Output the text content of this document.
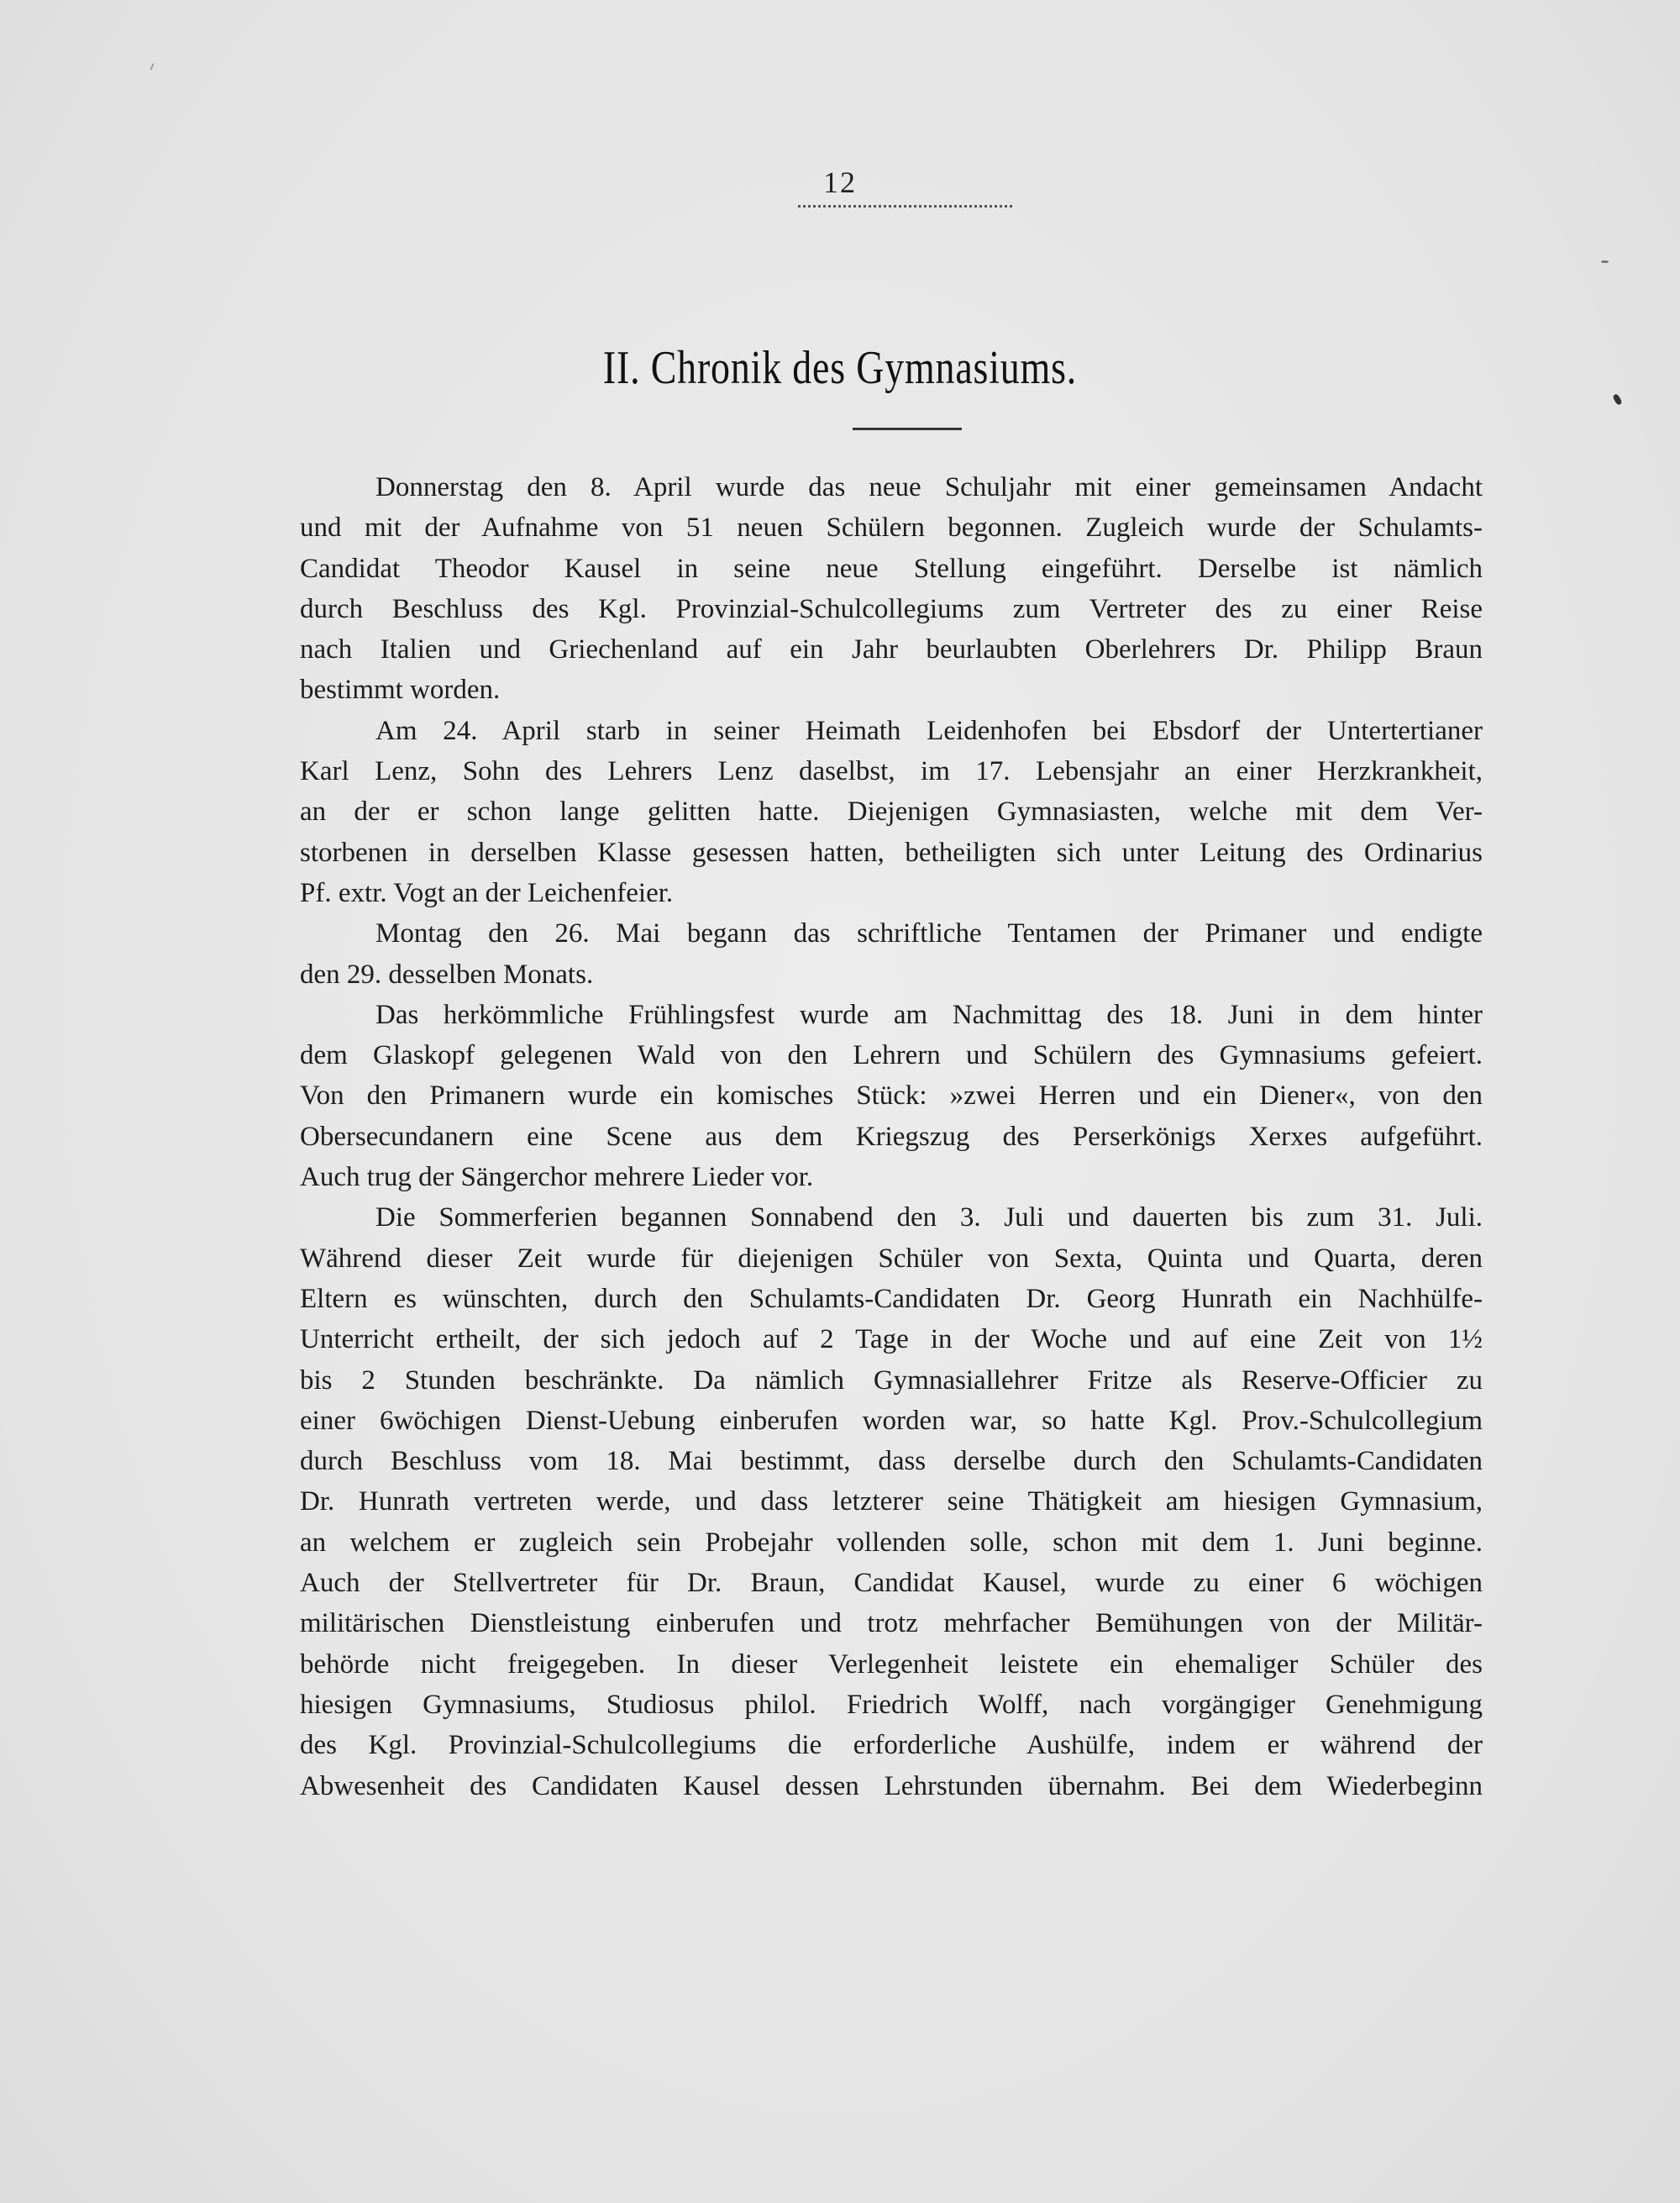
12
II. Chronik des Gymnasiums.
Donnerstag den 8. April wurde das neue Schuljahr mit einer gemeinsamen Andacht
und mit der Aufnahme von 51 neuen Schülern begonnen. Zugleich wurde der Schulamts-
Candidat Theodor Kausel in seine neue Stellung eingeführt. Derselbe ist nämlich
durch Beschluss des Kgl. Provinzial-Schulcollegiums zum Vertreter des zu einer Reise
nach Italien und Griechenland auf ein Jahr beurlaubten Oberlehrers Dr. Philipp Braun
bestimmt worden.
Am 24. April starb in seiner Heimath Leidenhofen bei Ebsdorf der Untertertianer
Karl Lenz, Sohn des Lehrers Lenz daselbst, im 17. Lebensjahr an einer Herzkrankheit,
an der er schon lange gelitten hatte. Diejenigen Gymnasiasten, welche mit dem Ver-
storbenen in derselben Klasse gesessen hatten, betheiligten sich unter Leitung des Ordinarius
Pf. extr. Vogt an der Leichenfeier.
Montag den 26. Mai begann das schriftliche Tentamen der Primaner und endigte
den 29. desselben Monats.
Das herkömmliche Frühlingsfest wurde am Nachmittag des 18. Juni in dem hinter
dem Glaskopf gelegenen Wald von den Lehrern und Schülern des Gymnasiums gefeiert.
Von den Primanern wurde ein komisches Stück: »zwei Herren und ein Diener«, von den
Obersecundanern eine Scene aus dem Kriegszug des Perserkönigs Xerxes aufgeführt.
Auch trug der Sängerchor mehrere Lieder vor.
Die Sommerferien begannen Sonnabend den 3. Juli und dauerten bis zum 31. Juli.
Während dieser Zeit wurde für diejenigen Schüler von Sexta, Quinta und Quarta, deren
Eltern es wünschten, durch den Schulamts-Candidaten Dr. Georg Hunrath ein Nachhülfe-
Unterricht ertheilt, der sich jedoch auf 2 Tage in der Woche und auf eine Zeit von 1½
bis 2 Stunden beschränkte. Da nämlich Gymnasiallehrer Fritze als Reserve-Officier zu
einer 6wöchigen Dienst-Uebung einberufen worden war, so hatte Kgl. Prov.-Schulcollegium
durch Beschluss vom 18. Mai bestimmt, dass derselbe durch den Schulamts-Candidaten
Dr. Hunrath vertreten werde, und dass letzterer seine Thätigkeit am hiesigen Gymnasium,
an welchem er zugleich sein Probejahr vollenden solle, schon mit dem 1. Juni beginne.
Auch der Stellvertreter für Dr. Braun, Candidat Kausel, wurde zu einer 6 wöchigen
militärischen Dienstleistung einberufen und trotz mehrfacher Bemühungen von der Militär-
behörde nicht freigegeben. In dieser Verlegenheit leistete ein ehemaliger Schüler des
hiesigen Gymnasiums, Studiosus philol. Friedrich Wolff, nach vorgängiger Genehmigung
des Kgl. Provinzial-Schulcollegiums die erforderliche Aushülfe, indem er während der
Abwesenheit des Candidaten Kausel dessen Lehrstunden übernahm. Bei dem Wiederbeginn
